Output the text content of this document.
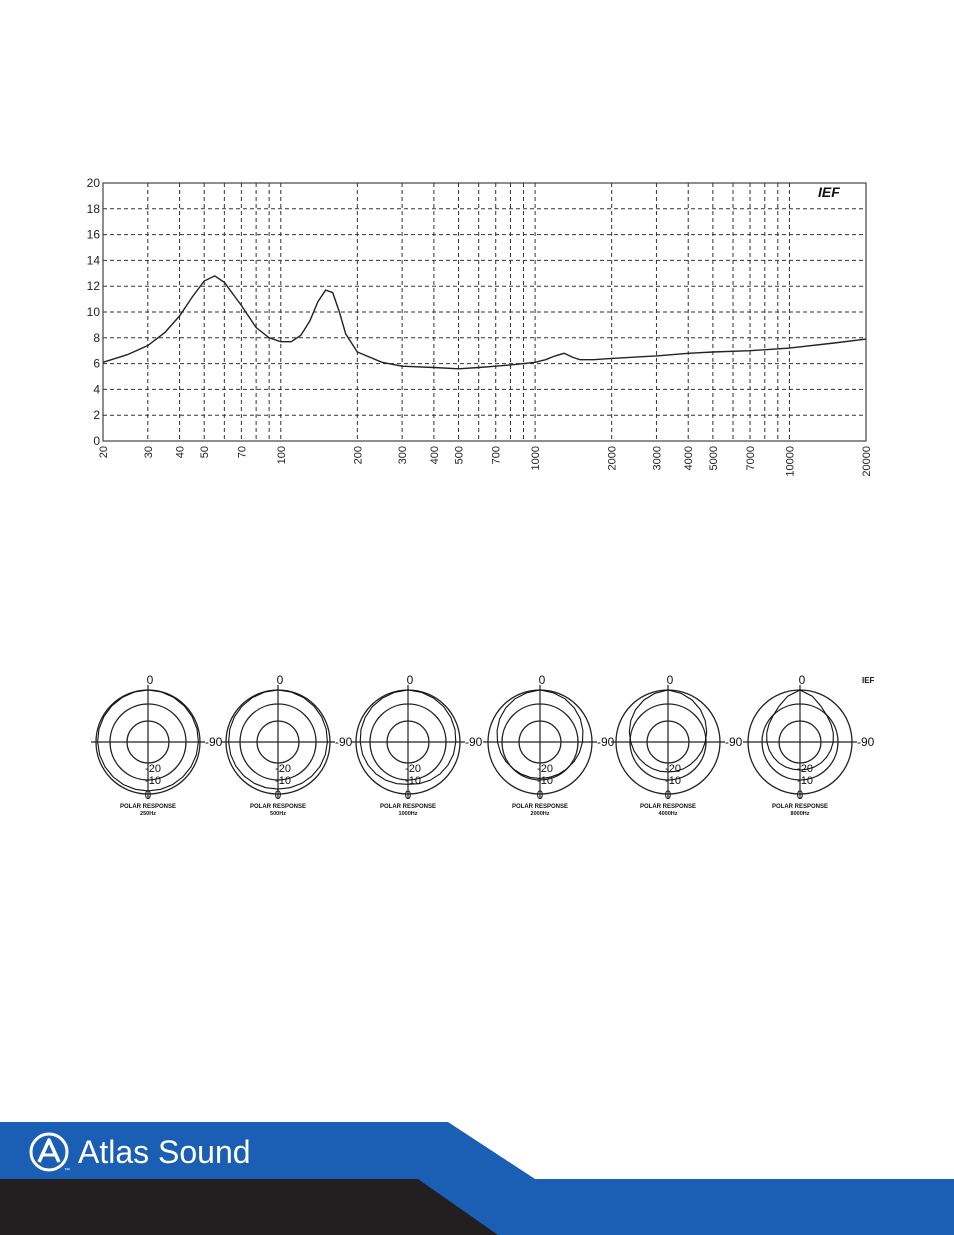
0
2
4
6
8
10
12
14
16
18
20
20	30 40 50 70 100	200	300 400 500 700 1000	2000	3000 4000 5000 7000 10000	20000
IEF
0
-90
-20
-10
0
POLAR RESPONSE
250Hz
0
-90
-20
-10
0
POLAR RESPONSE
500Hz
0
-90
-20
-10
0
POLAR RESPONSE
1000Hz
0
-90
-20
-10
0
POLAR RESPONSE
2000Hz
0
-90
-20
-10
0
POLAR RESPONSE
4000Hz
0
-90
-20
-10
0
POLAR RESPONSE
8000Hz
IEF
Atlas Sound
™
